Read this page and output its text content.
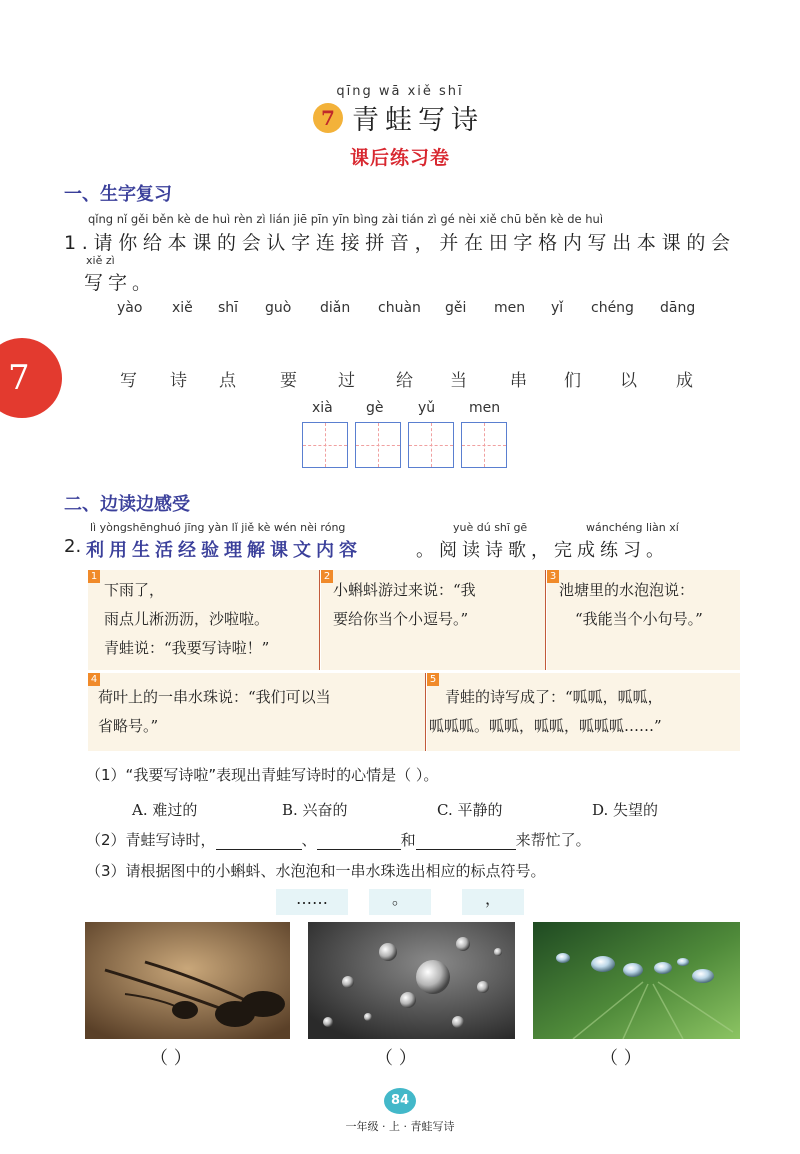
qīng wā xiě shī
7 青蛙写诗
课后练习卷
7
一、生字复习
qǐng nǐ gěi běn kè de huì rèn zì lián jiē pīn yīn bìng zài tián zì gé nèi xiě chū běn kè de huì
1.请你给本课的会认字连接拼音，并在田字格内写出本课的会
xiě zì
写字。
yào xiě shī guò diǎn chuàn gěi men yǐ chéng dāng
写 诗 点	要 过 给 当	串 们 以 成
xià gè yǔ men
二、边读边感受
lì yòngshēnghuó jīng yàn lǐ jiě kè wén nèi róng	yuè dú shī gē	wánchéng liàn xí
2. 利用生活经验理解课文内容	。阅读诗歌，完成练习。
1
下雨了，
雨点儿淅沥沥，沙啦啦。
青蛙说：“我要写诗啦！”
2
小蝌蚪游过来说：“我
要给你当个小逗号。”
3
池塘里的水泡泡说：
“我能当个小句号。”
4
荷叶上的一串水珠说：“我们可以当
省略号。”
5
青蛙的诗写成了：“呱呱，呱呱，
呱呱呱。呱呱，呱呱，呱呱呱……”
（1）“我要写诗啦”表现出青蛙写诗时的心情是（ ）。
A. 难过的	B. 兴奋的	C. 平静的	D. 失望的
（2）青蛙写诗时，	、	和	来帮忙了。
（3）请根据图中的小蝌蚪、水泡泡和一串水珠选出相应的标点符号。
……	。	，
（ ）	（ ）	（ ）
84
一年级 · 上 · 青蛙写诗
